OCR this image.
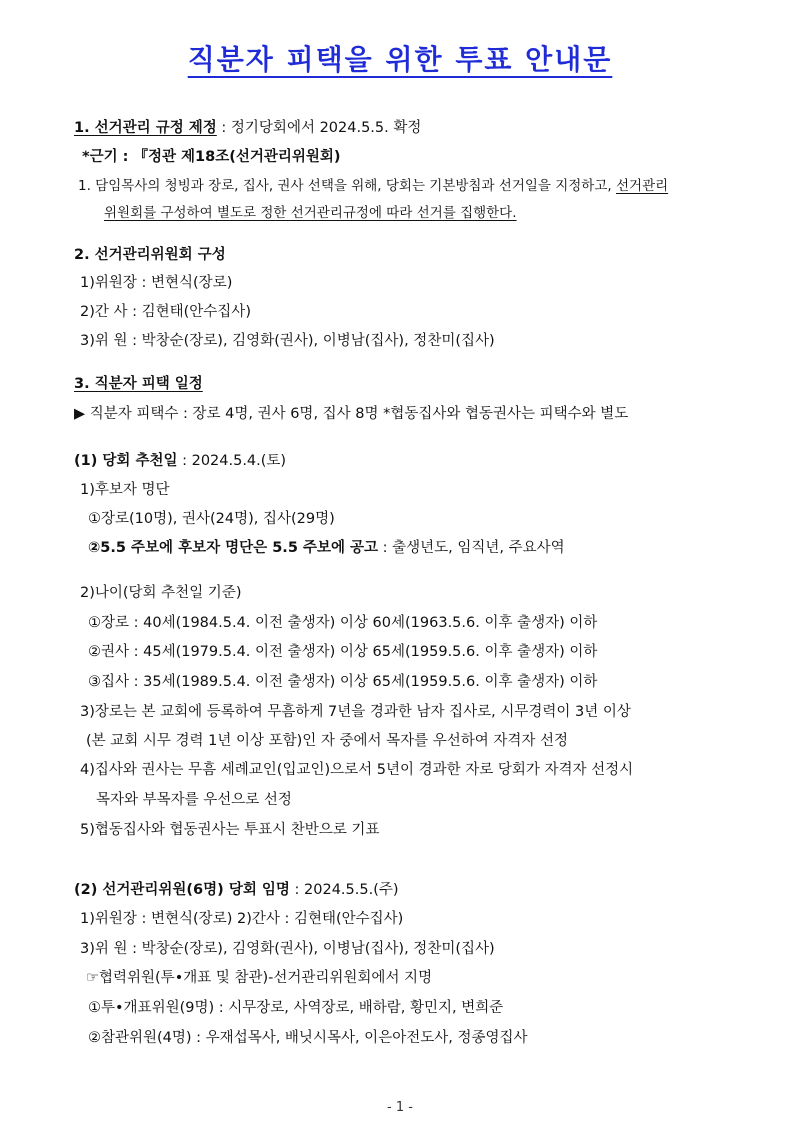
직분자 피택을 위한 투표 안내문
1. 선거관리 규정 제정 : 정기당회에서 2024.5.5. 확정
*근기 : 『정관 제18조(선거관리위원회)
1. 담임목사의 청빙과 장로, 집사, 권사 선택을 위해, 당회는 기본방침과 선거일을 지정하고, 선거관리
위원회를 구성하여 별도로 정한 선거관리규정에 따라 선거를 집행한다.
2. 선거관리위원회 구성
1)위원장 : 변현식(장로)
2)간 사 : 김현태(안수집사)
3)위 원 : 박창순(장로), 김영화(권사), 이병남(집사), 정찬미(집사)
3. 직분자 피택 일정
▶ 직분자 피택수 : 장로 4명, 권사 6명, 집사 8명 *협동집사와 협동권사는 피택수와 별도
(1) 당회 추천일 : 2024.5.4.(토)
1)후보자 명단
①장로(10명), 권사(24명), 집사(29명)
②5.5 주보에 후보자 명단은 5.5 주보에 공고 : 출생년도, 임직년, 주요사역
2)나이(당회 추천일 기준)
①장로 : 40세(1984.5.4. 이전 출생자) 이상 60세(1963.5.6. 이후 출생자) 이하
②권사 : 45세(1979.5.4. 이전 출생자) 이상 65세(1959.5.6. 이후 출생자) 이하
③집사 : 35세(1989.5.4. 이전 출생자) 이상 65세(1959.5.6. 이후 출생자) 이하
3)장로는 본 교회에 등록하여 무흠하게 7년을 경과한 남자 집사로, 시무경력이 3년 이상
(본 교회 시무 경력 1년 이상 포함)인 자 중에서 목자를 우선하여 자격자 선정
4)집사와 권사는 무흠 세례교인(입교인)으로서 5년이 경과한 자로 당회가 자격자 선정시
목자와 부목자를 우선으로 선정
5)협동집사와 협동권사는 투표시 찬반으로 기표
(2) 선거관리위원(6명) 당회 임명 : 2024.5.5.(주)
1)위원장 : 변현식(장로) 2)간사 : 김현태(안수집사)
3)위 원 : 박창순(장로), 김영화(권사), 이병남(집사), 정찬미(집사)
☞협력위원(투•개표 및 참관)-선거관리위원회에서 지명
①투•개표위원(9명) : 시무장로, 사역장로, 배하람, 황민지, 변희준
②참관위원(4명) : 우재섭목사, 배닛시목사, 이은아전도사, 정종영집사
- 1 -
